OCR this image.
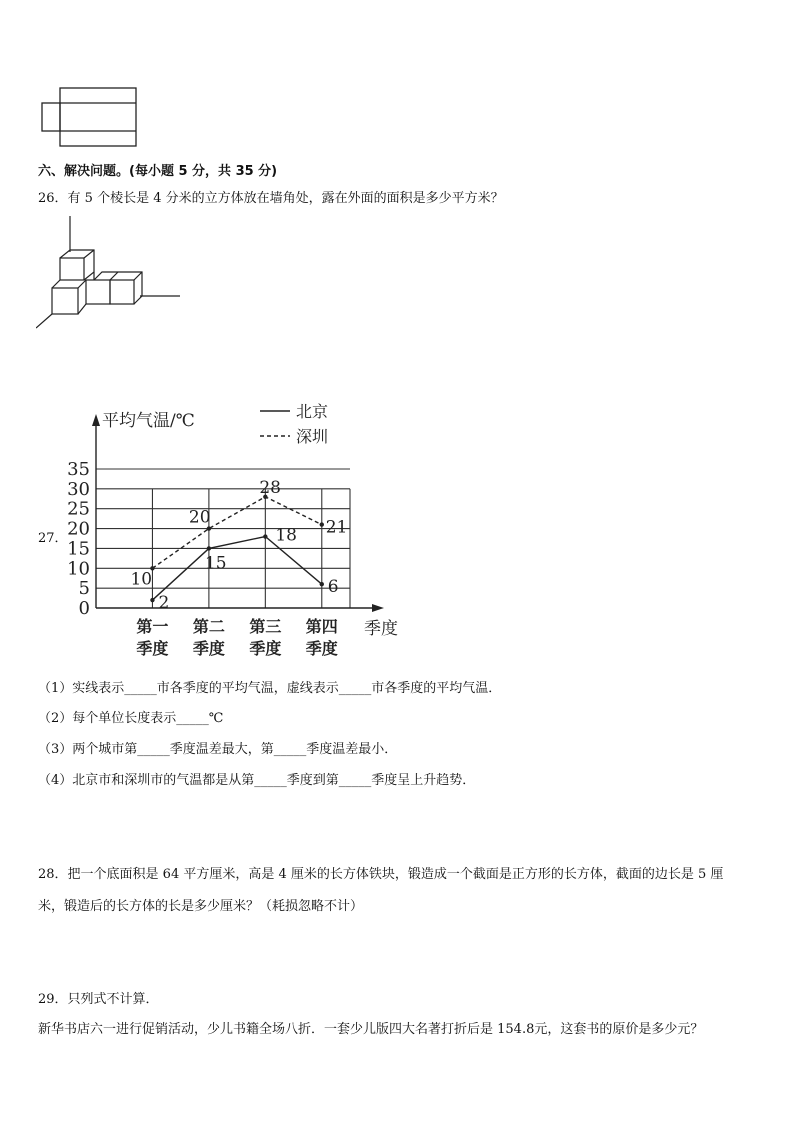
六、解决问题。(每小题 5 分，共 35 分)
26．有 5 个棱长是 4 分米的立方体放在墙角处，露在外面的面积是多少平方米？
27．
平均气温/℃
季度
北京
深圳
0
5
10
15
20
25
30
35
第一
季度
第二
季度
第三
季度
第四
季度
2
15
18
6
10
20
28
21
（1）实线表示_____市各季度的平均气温，虚线表示_____市各季度的平均气温．
（2）每个单位长度表示_____℃
（3）两个城市第_____季度温差最大，第_____季度温差最小．
（4）北京市和深圳市的气温都是从第_____季度到第_____季度呈上升趋势．
28．把一个底面积是 64 平方厘米，高是 4 厘米的长方体铁块，锻造成一个截面是正方形的长方体，截面的边长是 5 厘
米，锻造后的长方体的长是多少厘米？（耗损忽略不计）
29．只列式不计算．
新华书店六一进行促销活动，少儿书籍全场八折．一套少儿版四大名著打折后是 154.8元，这套书的原价是多少元？
